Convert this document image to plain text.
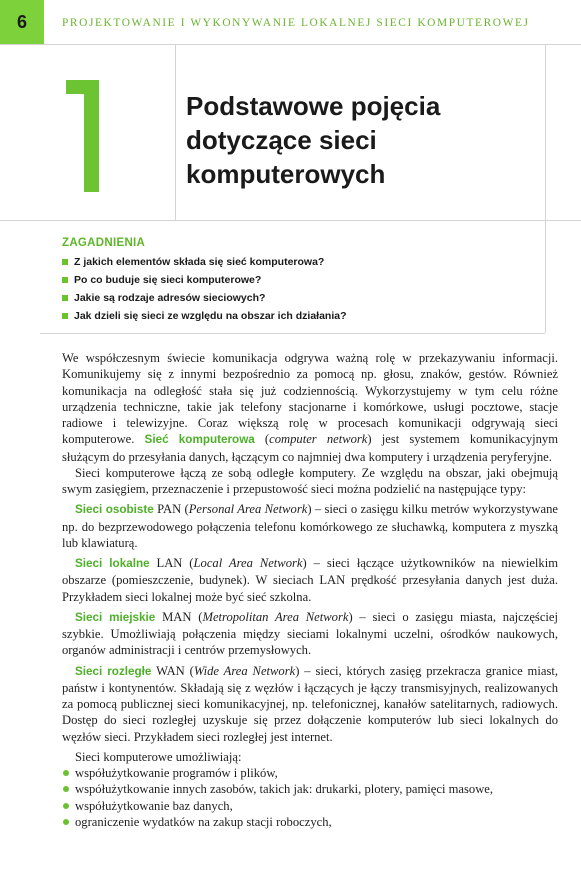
6	PROJEKTOWANIE I WYKONYWANIE LOKALNEJ SIECI KOMPUTEROWEJ
1
Podstawowe pojęcia
dotyczące sieci
komputerowych
ZAGADNIENIA
Z jakich elementów składa się sieć komputerowa?
Po co buduje się sieci komputerowe?
Jakie są rodzaje adresów sieciowych?
Jak dzieli się sieci ze względu na obszar ich działania?

We współczesnym świecie komunikacja odgrywa ważną rolę w przekazywaniu informacji. Komunikujemy się z innymi bezpośrednio za pomocą np. głosu, znaków, gestów. Również komunikacja na odległość stała się już codziennością. Wykorzystujemy w tym celu różne urządzenia techniczne, takie jak telefony stacjonarne i komórkowe, usługi pocztowe, stacje radiowe i telewizyjne. Coraz większą rolę w procesach komunikacji odgrywają sieci komputerowe. Sieć komputerowa (computer network) jest systemem komunikacyjnym służącym do przesyłania danych, łączącym co najmniej dwa komputery i urządzenia peryferyjne.

Sieci komputerowe łączą ze sobą odległe komputery. Ze względu na obszar, jaki obejmują swym zasięgiem, przeznaczenie i przepustowość sieci można podzielić na następujące typy:

Sieci osobiste PAN (Personal Area Network) – sieci o zasięgu kilku metrów wykorzystywane np. do bezprzewodowego połączenia telefonu komórkowego ze słuchawką, komputera z myszką lub klawiaturą.

Sieci lokalne LAN (Local Area Network) – sieci łączące użytkowników na niewielkim obszarze (pomieszczenie, budynek). W sieciach LAN prędkość przesyłania danych jest duża. Przykładem sieci lokalnej może być sieć szkolna.

Sieci miejskie MAN (Metropolitan Area Network) – sieci o zasięgu miasta, najczęściej szybkie. Umożliwiają połączenia między sieciami lokalnymi uczelni, ośrodków naukowych, organów administracji i centrów przemysłowych.

Sieci rozległe WAN (Wide Area Network) – sieci, których zasięg przekracza granice miast, państw i kontynentów. Składają się z węzłów i łączących je łączy transmisyjnych, realizowanych za pomocą publicznej sieci komunikacyjnej, np. telefonicznej, kanałów satelitarnych, radiowych. Dostęp do sieci rozległej uzyskuje się przez dołączenie komputerów lub sieci lokalnych do węzłów sieci. Przykładem sieci rozległej jest internet.

Sieci komputerowe umożliwiają:

współużytkowanie programów i plików,
współużytkowanie innych zasobów, takich jak: drukarki, plotery, pamięci masowe,
współużytkowanie baz danych,
ograniczenie wydatków na zakup stacji roboczych,
